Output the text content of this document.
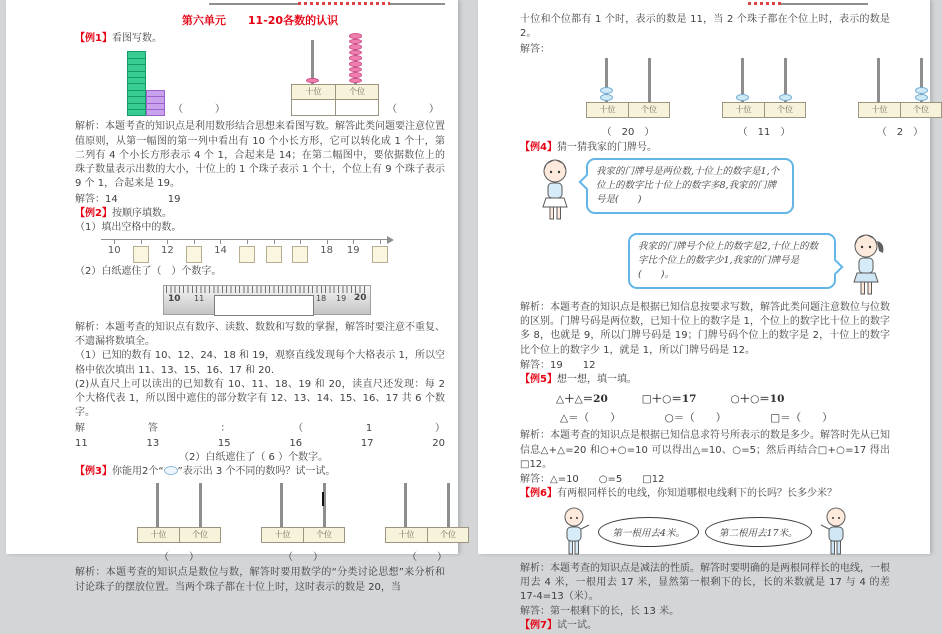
第六单元　　11-20各数的认识

【例1】看图写数。

（　　）
十位	个位
（　　）

解析：本题考查的知识点是利用数形结合思想来看图写数。解答此类问题要注意位置值原则，从第一幅图的第一列中看出有 10 个小长方形，它可以转化成 1 个十，第二列有 4 个小长方形表示 4 个 1，合起来是 14；在第二幅图中，要依据数位上的珠子数量表示出数的大小，十位上的 1 个珠子表示 1 个十，个位上有 9 个珠子表示 9 个 1，合起来是 19。

解答：14　　　　　19

【例2】按顺序填数。

（1）填出空格中的数。

10	12	14	18	19

（2）白纸遮住了（　）个数字。

10 11	18 19 20

解析：本题考查的知识点有数序、读数、数数和写数的掌握，解答时要注意不重复、不遗漏将数填全。

（1）已知的数有 10、12、24、18 和 19，观察直线发现每个大格表示 1，所以空格中依次填出 11、13、15、16、17 和 20.

(2)从直尺上可以读出的已知数有 10、11、18、19 和 20，读直尺还发现：每 2 个大格代表 1，所以图中遮住的部分数字有 12、13、14、15、16、17 共 6 个数字。

解	答	：	（	1	）
11	13	15	16	17	20

（2）白纸遮住了（ 6 ）个数字。

【例3】你能用2个“ ”表示出 3 个不同的数吗？试一试。

十位	个位
（　　）
十位	个位
（　　）
十位	个位
（　　）

解析：本题考查的知识点是数位与数，解答时要用数学的“分类讨论思想”来分析和讨论珠子的摆放位置。当两个珠子都在十位上时，这时表示的数是 20，当

十位和个位都有 1 个时，表示的数是 11，当 2 个珠子都在个位上时，表示的数是 2。

解答：

十位	个位
（　20　）
十位	个位
（　11　）
十位	个位
（　2　）

【例4】猜一猜我家的门牌号。

我家的门牌号是两位数,十位上的数字是1,个位上的数字比十位上的数字多8,我家的门牌号是(　　)
我家的门牌号个位上的数字是2,十位上的数字比个位上的数字少1,我家的门牌号是(　　)。

解析：本题考查的知识点是根据已知信息按要求写数，解答此类问题注意数位与位数的区别。门牌号码是两位数，已知十位上的数字是 1，个位上的数字比十位上的数字多 8，也就是 9，所以门牌号码是 19；门牌号码个位上的数字是 2，十位上的数字比个位上的数字少 1，就是 1，所以门牌号码是 12。

解答：19　　12

【例5】想一想，填一填。

△＋△＝20	□＋○＝17	○＋○＝10
△＝（　　）	○＝（　　）	□＝（　　）

解析：本题考查的知识点是根据已知信息求符号所表示的数是多少。解答时先从已知信息△+△=20 和○+○=10 可以得出△=10、○=5；然后再结合□+○=17 得出□12。

解答：△=10　　○=5　　□12

【例6】有两根同样长的电线，你知道哪根电线剩下的长吗？长多少米？

第一根用去4米。	第二根用去17米。

解析：本题考查的知识点是减法的性质。解答时要明确的是两根同样长的电线，一根用去 4 米，一根用去 17 米，显然第一根剩下的长，长的米数就是 17 与 4 的差 17-4=13（米）。

解答：第一根剩下的长，长 13 米。

【例7】试一试。
